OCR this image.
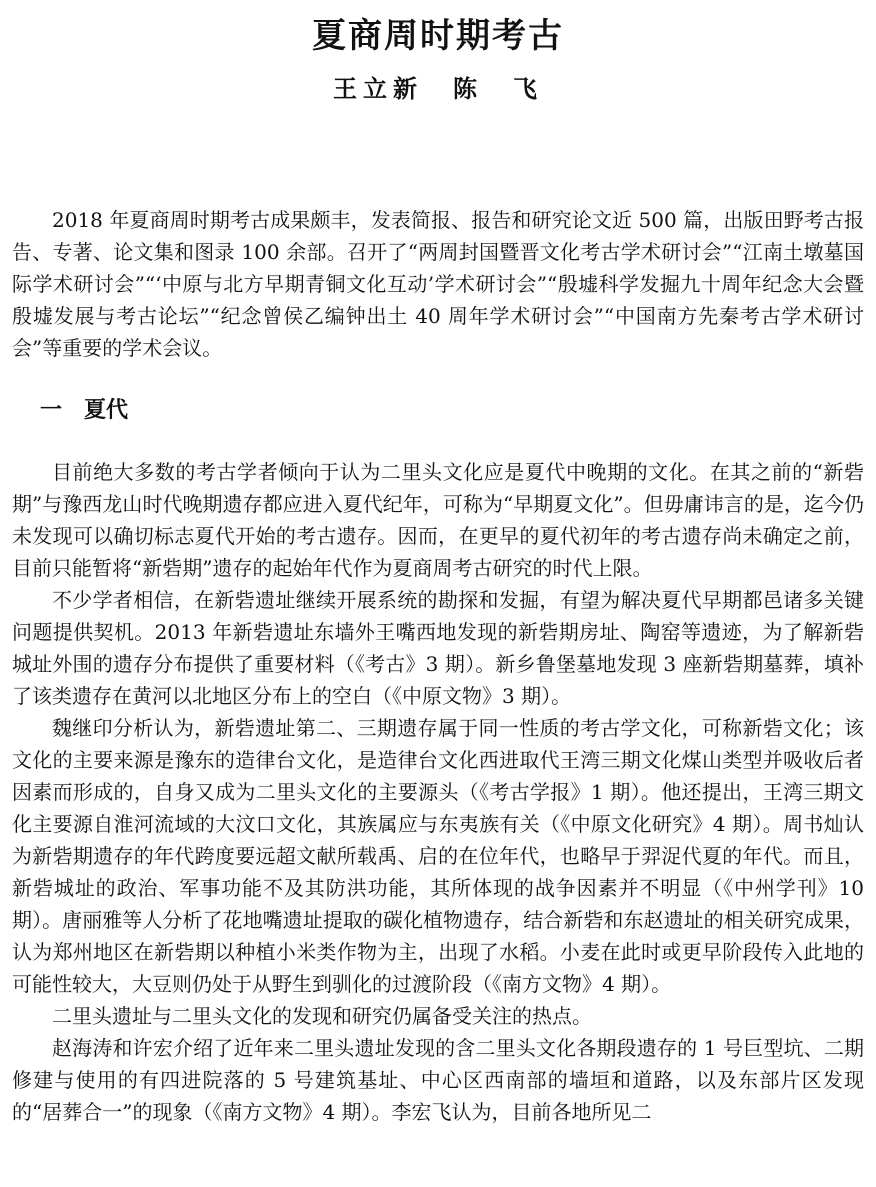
夏商周时期考古
王立新　陈　飞

2018 年夏商周时期考古成果颇丰，发表简报、报告和研究论文近 500 篇，出版田野考古报告、专著、论文集和图录 100 余部。召开了“两周封国暨晋文化考古学术研讨会”“江南土墩墓国际学术研讨会”“‘中原与北方早期青铜文化互动’学术研讨会”“殷墟科学发掘九十周年纪念大会暨殷墟发展与考古论坛”“纪念曾侯乙编钟出土 40 周年学术研讨会”“中国南方先秦考古学术研讨会”等重要的学术会议。

一　夏代

目前绝大多数的考古学者倾向于认为二里头文化应是夏代中晚期的文化。在其之前的“新砦期”与豫西龙山时代晚期遗存都应进入夏代纪年，可称为“早期夏文化”。但毋庸讳言的是，迄今仍未发现可以确切标志夏代开始的考古遗存。因而，在更早的夏代初年的考古遗存尚未确定之前，目前只能暂将“新砦期”遗存的起始年代作为夏商周考古研究的时代上限。

不少学者相信，在新砦遗址继续开展系统的勘探和发掘，有望为解决夏代早期都邑诸多关键问题提供契机。2013 年新砦遗址东墙外王嘴西地发现的新砦期房址、陶窑等遗迹，为了解新砦城址外围的遗存分布提供了重要材料（《考古》3 期）。新乡鲁堡墓地发现 3 座新砦期墓葬，填补了该类遗存在黄河以北地区分布上的空白（《中原文物》3 期）。

魏继印分析认为，新砦遗址第二、三期遗存属于同一性质的考古学文化，可称新砦文化；该文化的主要来源是豫东的造律台文化，是造律台文化西进取代王湾三期文化煤山类型并吸收后者因素而形成的，自身又成为二里头文化的主要源头（《考古学报》1 期）。他还提出，王湾三期文化主要源自淮河流域的大汶口文化，其族属应与东夷族有关（《中原文化研究》4 期）。周书灿认为新砦期遗存的年代跨度要远超文献所载禹、启的在位年代，也略早于羿浞代夏的年代。而且，新砦城址的政治、军事功能不及其防洪功能，其所体现的战争因素并不明显（《中州学刊》10 期）。唐丽雅等人分析了花地嘴遗址提取的碳化植物遗存，结合新砦和东赵遗址的相关研究成果，认为郑州地区在新砦期以种植小米类作物为主，出现了水稻。小麦在此时或更早阶段传入此地的可能性较大，大豆则仍处于从野生到驯化的过渡阶段（《南方文物》4 期）。

二里头遗址与二里头文化的发现和研究仍属备受关注的热点。

赵海涛和许宏介绍了近年来二里头遗址发现的含二里头文化各期段遗存的 1 号巨型坑、二期修建与使用的有四进院落的 5 号建筑基址、中心区西南部的墙垣和道路，以及东部片区发现的“居葬合一”的现象（《南方文物》4 期）。李宏飞认为，目前各地所见二
